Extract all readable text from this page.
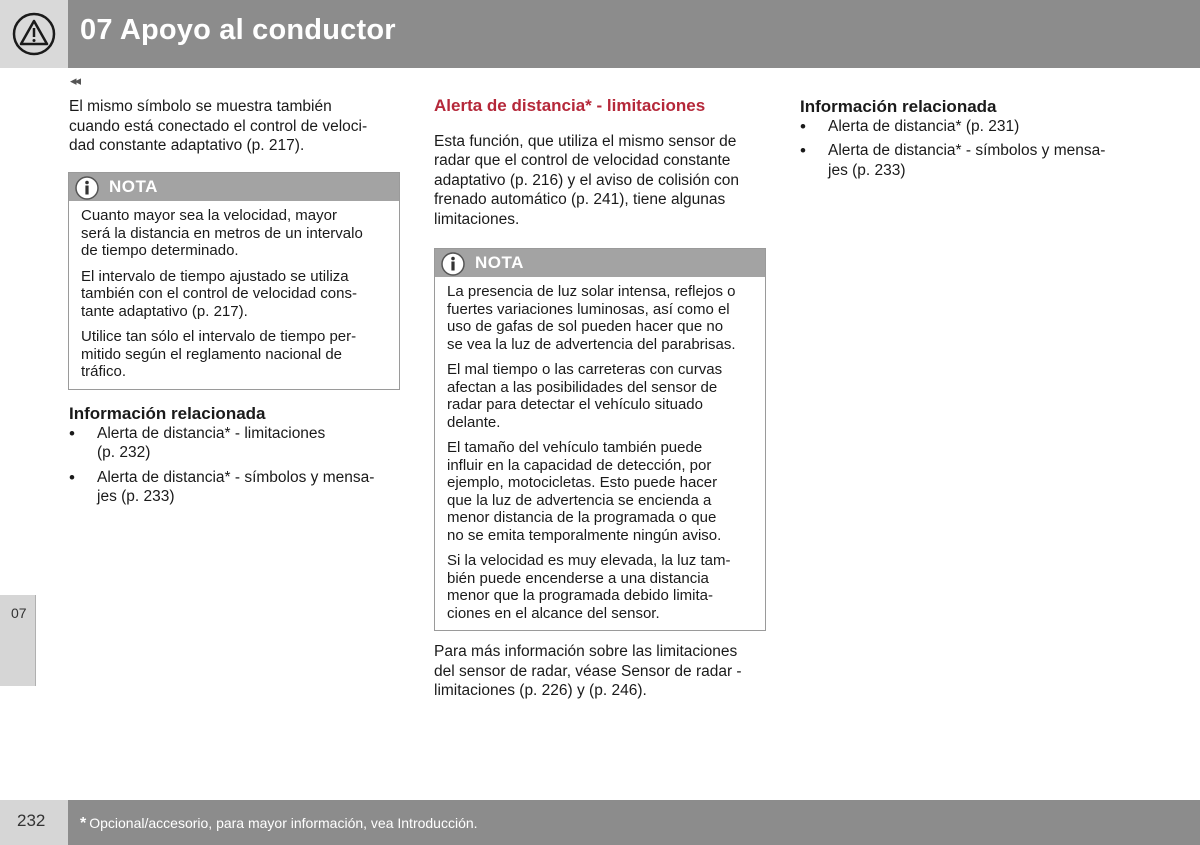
07 Apoyo al conductor
07
◂◂

El mismo símbolo se muestra también
cuando está conectado el control de veloci-
dad constante adaptativo (p. 217).

NOTA

Cuanto mayor sea la velocidad, mayor
será la distancia en metros de un intervalo
de tiempo determinado.

El intervalo de tiempo ajustado se utiliza
también con el control de velocidad cons-
tante adaptativo (p. 217).

Utilice tan sólo el intervalo de tiempo per-
mitido según el reglamento nacional de
tráfico.

Información relacionada
• Alerta de distancia* - limitaciones
(p. 232)
• Alerta de distancia* - símbolos y mensa-
jes (p. 233)
Alerta de distancia* - limitaciones

Esta función, que utiliza el mismo sensor de
radar que el control de velocidad constante
adaptativo (p. 216) y el aviso de colisión con
frenado automático (p. 241), tiene algunas
limitaciones.

NOTA

La presencia de luz solar intensa, reflejos o
fuertes variaciones luminosas, así como el
uso de gafas de sol pueden hacer que no
se vea la luz de advertencia del parabrisas.

El mal tiempo o las carreteras con curvas
afectan a las posibilidades del sensor de
radar para detectar el vehículo situado
delante.

El tamaño del vehículo también puede
influir en la capacidad de detección, por
ejemplo, motocicletas. Esto puede hacer
que la luz de advertencia se encienda a
menor distancia de la programada o que
no se emita temporalmente ningún aviso.

Si la velocidad es muy elevada, la luz tam-
bién puede encenderse a una distancia
menor que la programada debido limita-
ciones en el alcance del sensor.

Para más información sobre las limitaciones
del sensor de radar, véase Sensor de radar -
limitaciones (p. 226) y (p. 246).

Información relacionada
• Alerta de distancia* (p. 231)
• Alerta de distancia* - símbolos y mensa-
jes (p. 233)
232 * Opcional/accesorio, para mayor información, vea Introducción.
